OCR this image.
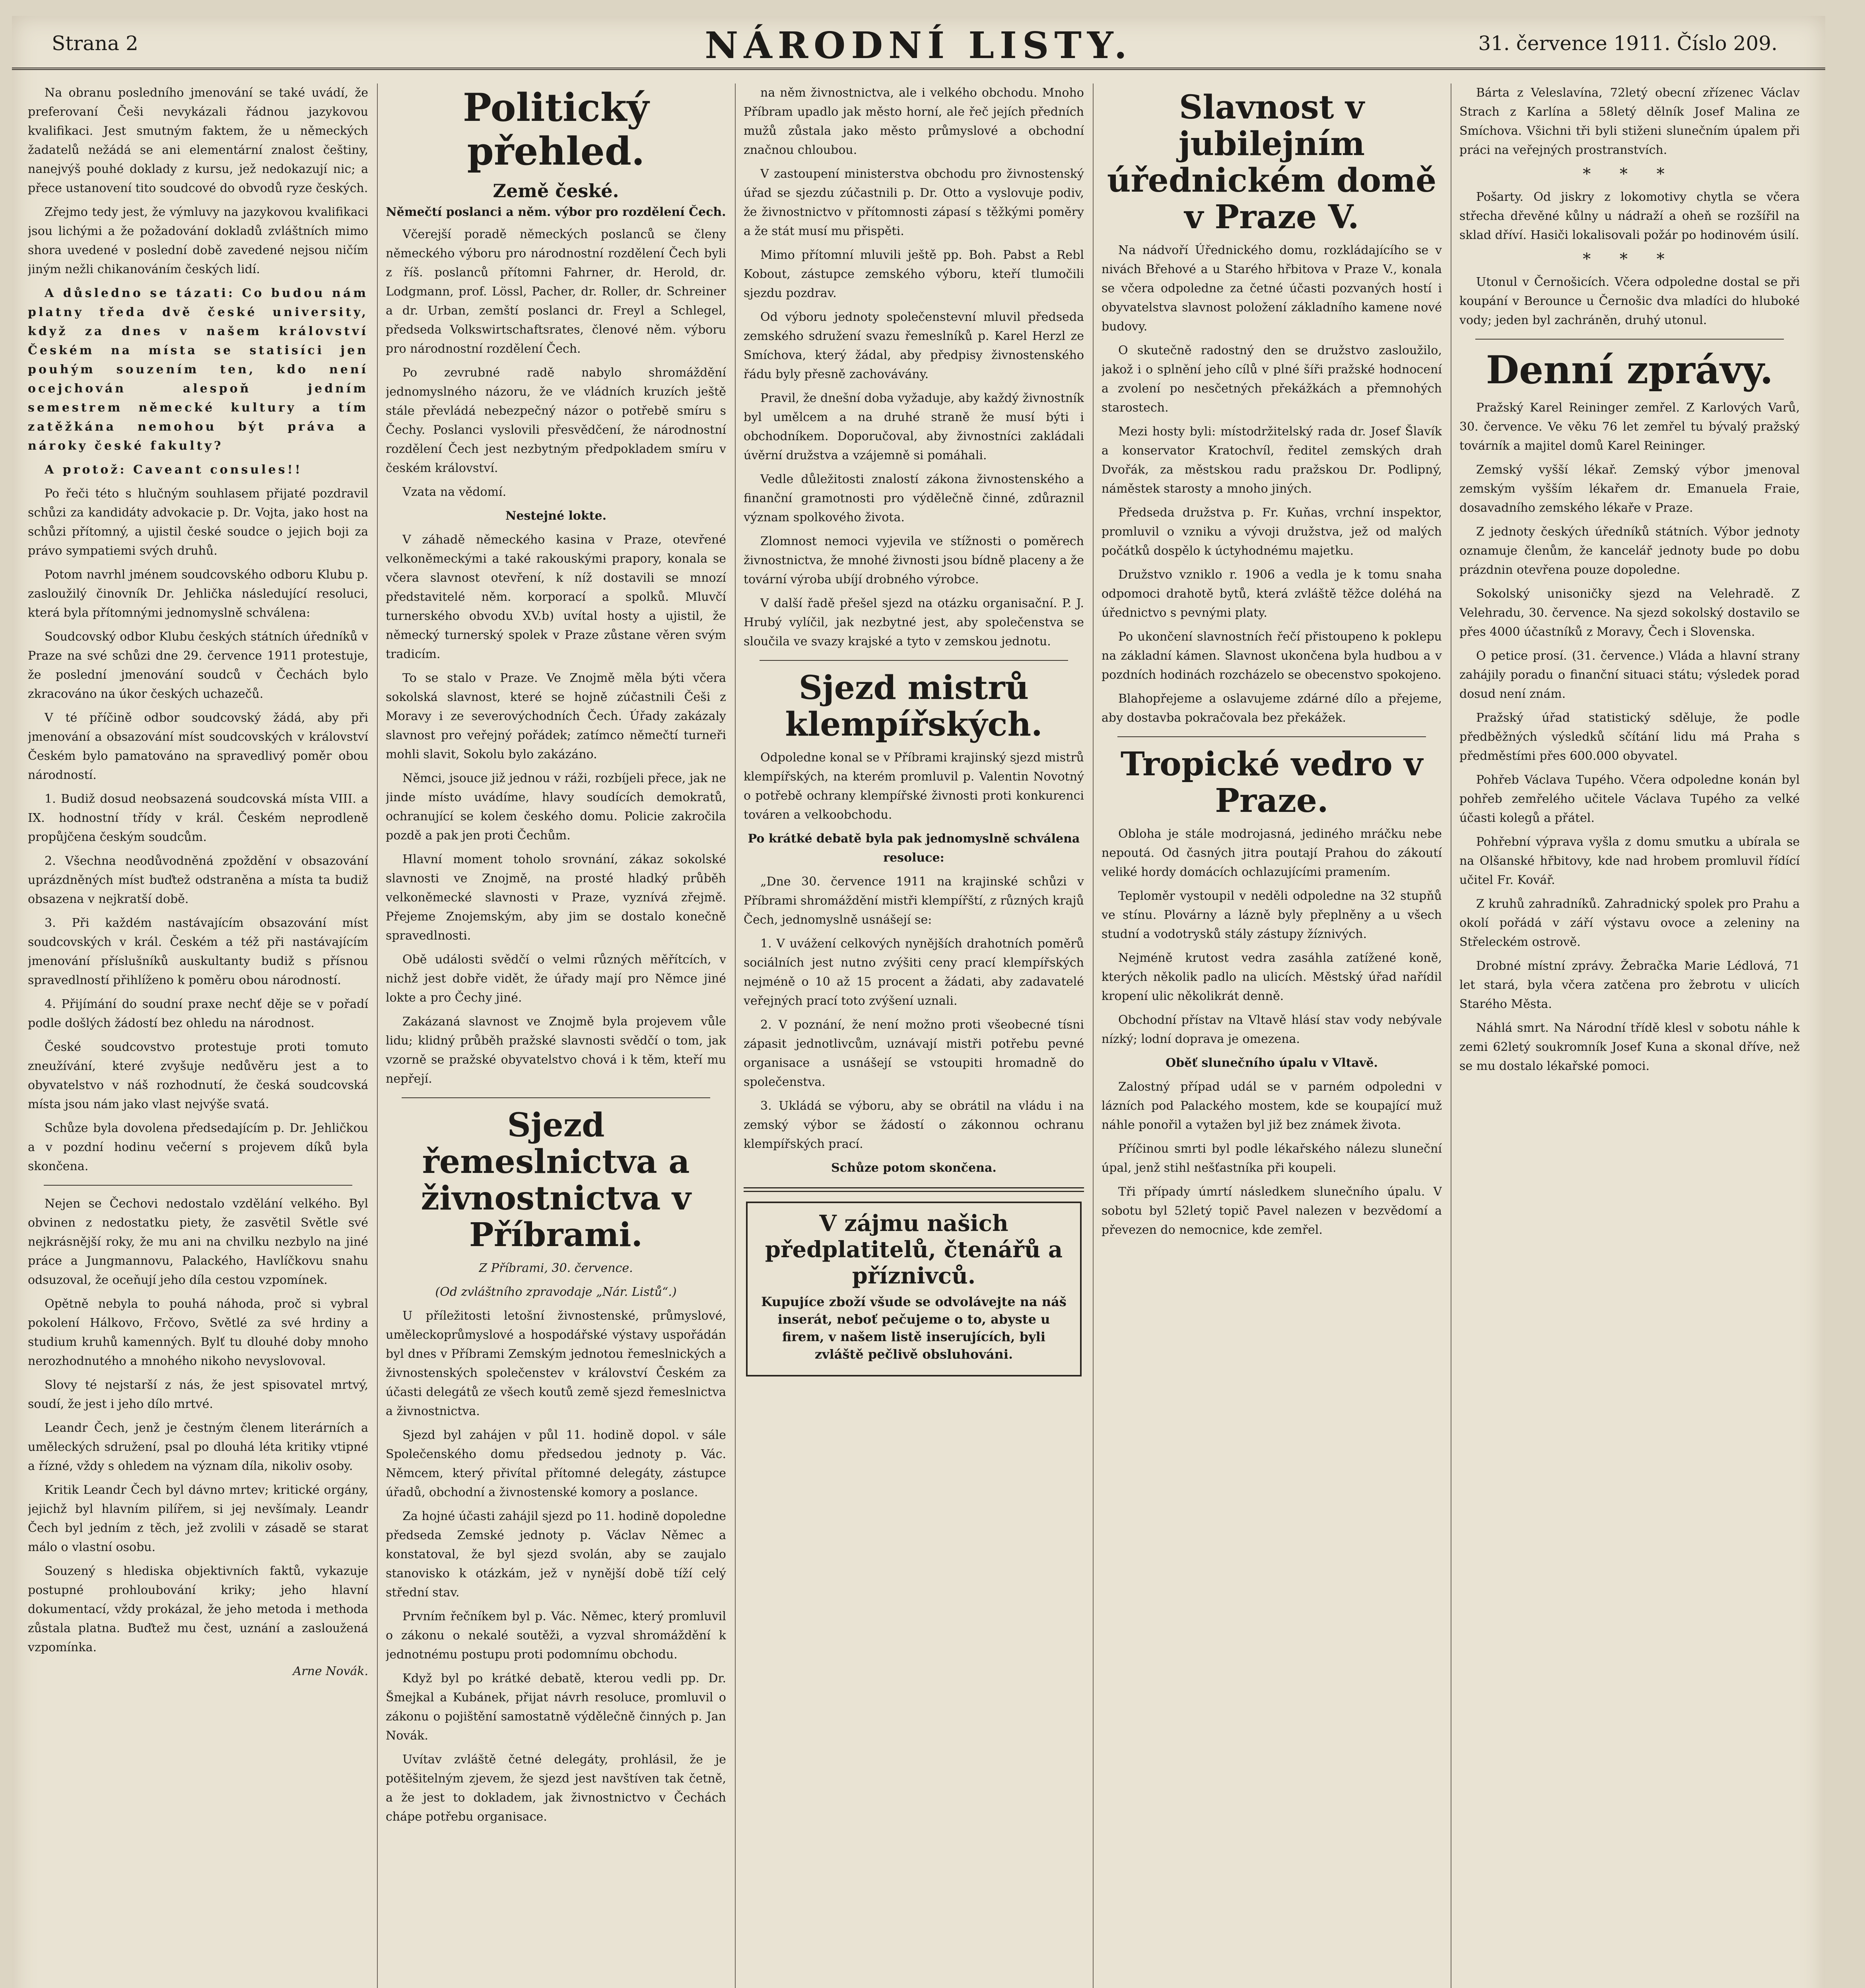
Strana 2	NÁRODNÍ LISTY.	31. července 1911. Číslo 209.

Na obranu posledního jmenování se také uvádí, že preferovaní Češi nevykázali řádnou jazykovou kvalifikaci. Jest smutným faktem, že u německých žadatelů nežádá se ani elementární znalost češtiny, nanejvýš pouhé doklady z kursu, jež nedokazují nic; a přece ustanovení tito soudcové do obvodů ryze českých.

Zřejmo tedy jest, že výmluvy na jazykovou kvalifikaci jsou lichými a že požadování dokladů zvláštních mimo shora uvedené v poslední době zavedené nejsou ničím jiným nežli chikanováním českých lidí.

A důsledno se tázati: Co budou nám platny tředa dvě české university, když za dnes v našem království Českém na místa se statisíci jen pouhým souzením ten, kdo není ocejchován alespoň jedním semestrem německé kultury a tím zatěžkána nemohou být práva a nároky české fakulty?

A protož: Caveant consules!!

Po řeči této s hlučným souhlasem přijaté pozdravil schůzi za kandidáty advokacie p. Dr. Vojta, jako host na schůzi přítomný, a ujistil české soudce o jejich boji za právo sympatiemi svých druhů.

Potom navrhl jménem soudcovského odboru Klubu p. zasloužilý činovník Dr. Jehlička následující resoluci, která byla přítomnými jednomyslně schválena:

Soudcovský odbor Klubu českých státních úředníků v Praze na své schůzi dne 29. července 1911 protestuje, že poslední jmenování soudců v Čechách bylo zkracováno na úkor českých uchazečů.

V té příčině odbor soudcovský žádá, aby při jmenování a obsazování míst soudcovských v království Českém bylo pamatováno na spravedlivý poměr obou národností.

1. Budiž dosud neobsazená soudcovská místa VIII. a IX. hodnostní třídy v král. Českém neprodleně propůjčena českým soudcům.

2. Všechna neodůvodněná zpoždění v obsazování uprázdněných míst buďtež odstraněna a místa ta budiž obsazena v nejkratší době.

3. Při každém nastávajícím obsazování míst soudcovských v král. Českém a též při nastávajícím jmenování příslušníků auskultanty budiž s přísnou spravedlností přihlíženo k poměru obou národností.

4. Přijímání do soudní praxe nechť děje se v pořadí podle došlých žádostí bez ohledu na národnost.

České soudcovstvo protestuje proti tomuto zneužívání, které zvyšuje nedůvěru jest a to obyvatelstvo v náš rozhodnutí, že česká soudcovská místa jsou nám jako vlast nejvýše svatá.

Schůze byla dovolena předsedajícím p. Dr. Jehličkou a v pozdní hodinu večerní s projevem díků byla skončena.

Nejen se Čechovi nedostalo vzdělání velkého. Byl obvinen z nedostatku piety, že zasvětil Světle své nejkrásnější roky, že mu ani na chvilku nezbylo na jiné práce a Jungmannovu, Palackého, Havlíčkovu snahu odsuzoval, že oceňují jeho díla cestou vzpomínek.

Opětně nebyla to pouhá náhoda, proč si vybral pokolení Hálkovo, Frčovo, Světlé za své hrdiny a studium kruhů kamenných. Bylť tu dlouhé doby mnoho nerozhodnutého a mnohého nikoho nevyslovoval.

Slovy té nejstarší z nás, že jest spisovatel mrtvý, soudí, že jest i jeho dílo mrtvé.

Leandr Čech, jenž je čestným členem literárních a uměleckých sdružení, psal po dlouhá léta kritiky vtipné a řízné, vždy s ohledem na význam díla, nikoliv osoby.

Kritik Leandr Čech byl dávno mrtev; kritické orgány, jejichž byl hlavním pilířem, si jej nevšímaly. Leandr Čech byl jedním z těch, jež zvolili v zásadě se starat málo o vlastní osobu.

Souzený s hlediska objektivních faktů, vykazuje postupné prohloubování kriky; jeho hlavní dokumentací, vždy prokázal, že jeho metoda i methoda zůstala platna. Buďtež mu čest, uznání a zasloužená vzpomínka.

Arne Novák.

Politický přehled.
Země české.

Němečtí poslanci a něm. výbor pro rozdělení Čech.

Včerejší poradě německých poslanců se členy německého výboru pro národnostní rozdělení Čech byli z říš. poslanců přítomni Fahrner, dr. Herold, dr. Lodgmann, prof. Lössl, Pacher, dr. Roller, dr. Schreiner a dr. Urban, zemští poslanci dr. Freyl a Schlegel, předseda Volkswirtschaftsrates, členové něm. výboru pro národnostní rozdělení Čech.

Po zevrubné radě nabylo shromáždění jednomyslného názoru, že ve vládních kruzích ještě stále převládá nebezpečný názor o potřebě smíru s Čechy. Poslanci vyslovili přesvědčení, že národnostní rozdělení Čech jest nezbytným předpokladem smíru v českém království.

Vzata na vědomí.

Nestejné lokte.

V záhadě německého kasina v Praze, otevřené velkoněmeckými a také rakouskými prapory, konala se včera slavnost otevření, k níž dostavili se mnozí představitelé něm. korporací a spolků. Mluvčí turnerského obvodu XV.b) uvítal hosty a ujistil, že německý turnerský spolek v Praze zůstane věren svým tradicím.

To se stalo v Praze. Ve Znojmě měla býti včera sokolská slavnost, které se hojně zúčastnili Češi z Moravy i ze severovýchodních Čech. Úřady zakázaly slavnost pro veřejný pořádek; zatímco němečtí turneři mohli slavit, Sokolu bylo zakázáno.

Němci, jsouce již jednou v ráži, rozbíjeli přece, jak ne jinde místo uvádíme, hlavy soudících demokratů, ochranující se kolem českého domu. Policie zakročila pozdě a pak jen proti Čechům.

Hlavní moment toholo srovnání, zákaz sokolské slavnosti ve Znojmě, na prosté hladký průběh velkoněmecké slavnosti v Praze, vyznívá zřejmě. Přejeme Znojemským, aby jim se dostalo konečně spravedlnosti.

Obě události svědčí o velmi různých měřítcích, v nichž jest dobře vidět, že úřady mají pro Němce jiné lokte a pro Čechy jiné.

Zakázaná slavnost ve Znojmě byla projevem vůle lidu; klidný průběh pražské slavnosti svědčí o tom, jak vzorně se pražské obyvatelstvo chová i k těm, kteří mu nepřejí.

Sjezd řemeslnictva a živnostnictva v Příbrami.

Z Příbrami, 30. července.

(Od zvláštního zpravodaje „Nár. Listů“.)

U příležitosti letošní živnostenské, průmyslové, uměleckoprůmyslové a hospodářské výstavy uspořádán byl dnes v Příbrami Zemským jednotou řemeslnických a živnostenských společenstev v království Českém za účasti delegátů ze všech koutů země sjezd řemeslnictva a živnostnictva.

Sjezd byl zahájen v půl 11. hodině dopol. v sále Společenského domu předsedou jednoty p. Vác. Němcem, který přivítal přítomné delegáty, zástupce úřadů, obchodní a živnostenské komory a poslance.

Za hojné účasti zahájil sjezd po 11. hodině dopoledne předseda Zemské jednoty p. Václav Němec a konstatoval, že byl sjezd svolán, aby se zaujalo stanovisko k otázkám, jež v nynější době tíží celý střední stav.

Prvním řečníkem byl p. Vác. Němec, který promluvil o zákonu o nekalé soutěži, a vyzval shromáždění k jednotnému postupu proti podomnímu obchodu.

Když byl po krátké debatě, kterou vedli pp. Dr. Šmejkal a Kubánek, přijat návrh resoluce, promluvil o zákonu o pojištění samostatně výdělečně činných p. Jan Novák.

Uvítav zvláště četné delegáty, prohlásil, že je potěšitelným zjevem, že sjezd jest navštíven tak četně, a že jest to dokladem, jak živnostnictvo v Čechách chápe potřebu organisace.

na něm živnostnictva, ale i velkého obchodu. Mnoho Příbram upadlo jak město horní, ale řeč jejích předních mužů zůstala jako město průmyslové a obchodní značnou chloubou.

V zastoupení ministerstva obchodu pro živnostenský úřad se sjezdu zúčastnili p. Dr. Otto a vyslovuje podiv, že živnostnictvo v přítomnosti zápasí s těžkými poměry a že stát musí mu přispěti.

Mimo přítomní mluvili ještě pp. Boh. Pabst a Rebl Kobout, zástupce zemského výboru, kteří tlumočili sjezdu pozdrav.

Od výboru jednoty společenstevní mluvil předseda zemského sdružení svazu řemeslníků p. Karel Herzl ze Smíchova, který žádal, aby předpisy živnostenského řádu byly přesně zachovávány.

Pravil, že dnešní doba vyžaduje, aby každý živnostník byl umělcem a na druhé straně že musí býti i obchodníkem. Doporučoval, aby živnostníci zakládali úvěrní družstva a vzájemně si pomáhali.

Vedle důležitosti znalostí zákona živnostenského a finanční gramotnosti pro výdělečně činné, zdůraznil význam spolkového života.

Zlomnost nemoci vyjevila ve stížnosti o poměrech živnostnictva, že mnohé živnosti jsou bídně placeny a že tovární výroba ubíjí drobného výrobce.

V další řadě přešel sjezd na otázku organisační. P. J. Hrubý vylíčil, jak nezbytné jest, aby společenstva se sloučila ve svazy krajské a tyto v zemskou jednotu.

Sjezd mistrů klempířských.

Odpoledne konal se v Příbrami krajinský sjezd mistrů klempířských, na kterém promluvil p. Valentin Novotný o potřebě ochrany klempířské živnosti proti konkurenci továren a velkoobchodu.

Po krátké debatě byla pak jednomyslně schválena resoluce:

„Dne 30. července 1911 na krajinské schůzi v Příbrami shromáždění mistři klempířští, z různých krajů Čech, jednomyslně usnášejí se:

1. V uvážení celkových nynějších drahotních poměrů sociálních jest nutno zvýšiti ceny prací klempířských nejméně o 10 až 15 procent a žádati, aby zadavatelé veřejných prací toto zvýšení uznali.

2. V poznání, že není možno proti všeobecné tísni zápasit jednotlivcům, uznávají mistři potřebu pevné organisace a usnášejí se vstoupiti hromadně do společenstva.

3. Ukládá se výboru, aby se obrátil na vládu i na zemský výbor se žádostí o zákonnou ochranu klempířských prací.

Schůze potom skončena.

V zájmu našich předplatitelů, čtenářů a příznivců.

Kupujíce zboží všude se odvolávejte na náš inserát, neboť pečujeme o to, abyste u firem, v našem listě inserujících, byli zvláště pečlivě obsluhováni.

Slavnost v jubilejním úřednickém domě v Praze V.

Na nádvoří Úřednického domu, rozkládajícího se v nivách Břehové a u Starého hřbitova v Praze V., konala se včera odpoledne za četné účasti pozvaných hostí i obyvatelstva slavnost položení základního kamene nové budovy.

O skutečně radostný den se družstvo zasloužilo, jakož i o splnění jeho cílů v plné šíři pražské hodnocení a zvolení po nesčetných překážkách a přemnohých starostech.

Mezi hosty byli: místodržitelský rada dr. Josef Šlavík a konservator Kratochvíl, ředitel zemských drah Dvořák, za městskou radu pražskou Dr. Podlipný, náměstek starosty a mnoho jiných.

Předseda družstva p. Fr. Kuňas, vrchní inspektor, promluvil o vzniku a vývoji družstva, jež od malých počátků dospělo k úctyhodnému majetku.

Družstvo vzniklo r. 1906 a vedla je k tomu snaha odpomoci drahotě bytů, která zvláště těžce doléhá na úřednictvo s pevnými platy.

Po ukončení slavnostních řečí přistoupeno k poklepu na základní kámen. Slavnost ukončena byla hudbou a v pozdních hodinách rozcházelo se obecenstvo spokojeno.

Blahopřejeme a oslavujeme zdárné dílo a přejeme, aby dostavba pokračovala bez překážek.

Tropické vedro v Praze.

Obloha je stále modrojasná, jediného mráčku nebe nepoutá. Od časných jitra poutají Prahou do zákoutí veliké hordy domácích ochlazujícími pramením.

Teploměr vystoupil v neděli odpoledne na 32 stupňů ve stínu. Plovárny a lázně byly přeplněny a u všech studní a vodotrysků stály zástupy žíznivých.

Nejméně krutost vedra zasáhla zatížené koně, kterých několik padlo na ulicích. Městský úřad nařídil kropení ulic několikrát denně.

Obchodní přístav na Vltavě hlásí stav vody nebývale nízký; lodní doprava je omezena.

Oběť slunečního úpalu v Vltavě.

Zalostný případ udál se v parném odpoledni v lázních pod Palackého mostem, kde se koupající muž náhle ponořil a vytažen byl již bez známek života.

Příčinou smrti byl podle lékařského nálezu sluneční úpal, jenž stihl nešťastníka při koupeli.

Tři případy úmrtí následkem slunečního úpalu. V sobotu byl 52letý topič Pavel nalezen v bezvědomí a převezen do nemocnice, kde zemřel.

Bárta z Veleslavína, 72letý obecní zřízenec Václav Strach z Karlína a 58letý dělník Josef Malina ze Smíchova. Všichni tři byli stiženi slunečním úpalem při práci na veřejných prostranstvích.

* * *

Pošarty. Od jiskry z lokomotivy chytla se včera střecha dřevěné kůlny u nádraží a oheň se rozšířil na sklad dříví. Hasiči lokalisovali požár po hodinovém úsilí.

* * *

Utonul v Černošicích. Včera odpoledne dostal se při koupání v Berounce u Černošic dva mladíci do hluboké vody; jeden byl zachráněn, druhý utonul.

Denní zprávy.

Pražský Karel Reininger zemřel. Z Karlových Varů, 30. července. Ve věku 76 let zemřel tu bývalý pražský továrník a majitel domů Karel Reininger.

Zemský vyšší lékař. Zemský výbor jmenoval zemským vyšším lékařem dr. Emanuela Fraie, dosavadního zemského lékaře v Praze.

Z jednoty českých úředníků státních. Výbor jednoty oznamuje členům, že kancelář jednoty bude po dobu prázdnin otevřena pouze dopoledne.

Sokolský unisoničky sjezd na Velehradě. Z Velehradu, 30. července. Na sjezd sokolský dostavilo se přes 4000 účastníků z Moravy, Čech i Slovenska.

O petice prosí. (31. července.) Vláda a hlavní strany zahájily poradu o finanční situaci státu; výsledek porad dosud není znám.

Pražský úřad statistický sděluje, že podle předběžných výsledků sčítání lidu má Praha s předměstími přes 600.000 obyvatel.

Pohřeb Václava Tupého. Včera odpoledne konán byl pohřeb zemřelého učitele Václava Tupého za velké účasti kolegů a přátel.

Pohřební výprava vyšla z domu smutku a ubírala se na Olšanské hřbitovy, kde nad hrobem promluvil řídící učitel Fr. Kovář.

Z kruhů zahradníků. Zahradnický spolek pro Prahu a okolí pořádá v září výstavu ovoce a zeleniny na Střeleckém ostrově.

Drobné místní zprávy. Žebračka Marie Lédlová, 71 let stará, byla včera zatčena pro žebrotu v ulicích Starého Města.

Náhlá smrt. Na Národní třídě klesl v sobotu náhle k zemi 62letý soukromník Josef Kuna a skonal dříve, než se mu dostalo lékařské pomoci.
